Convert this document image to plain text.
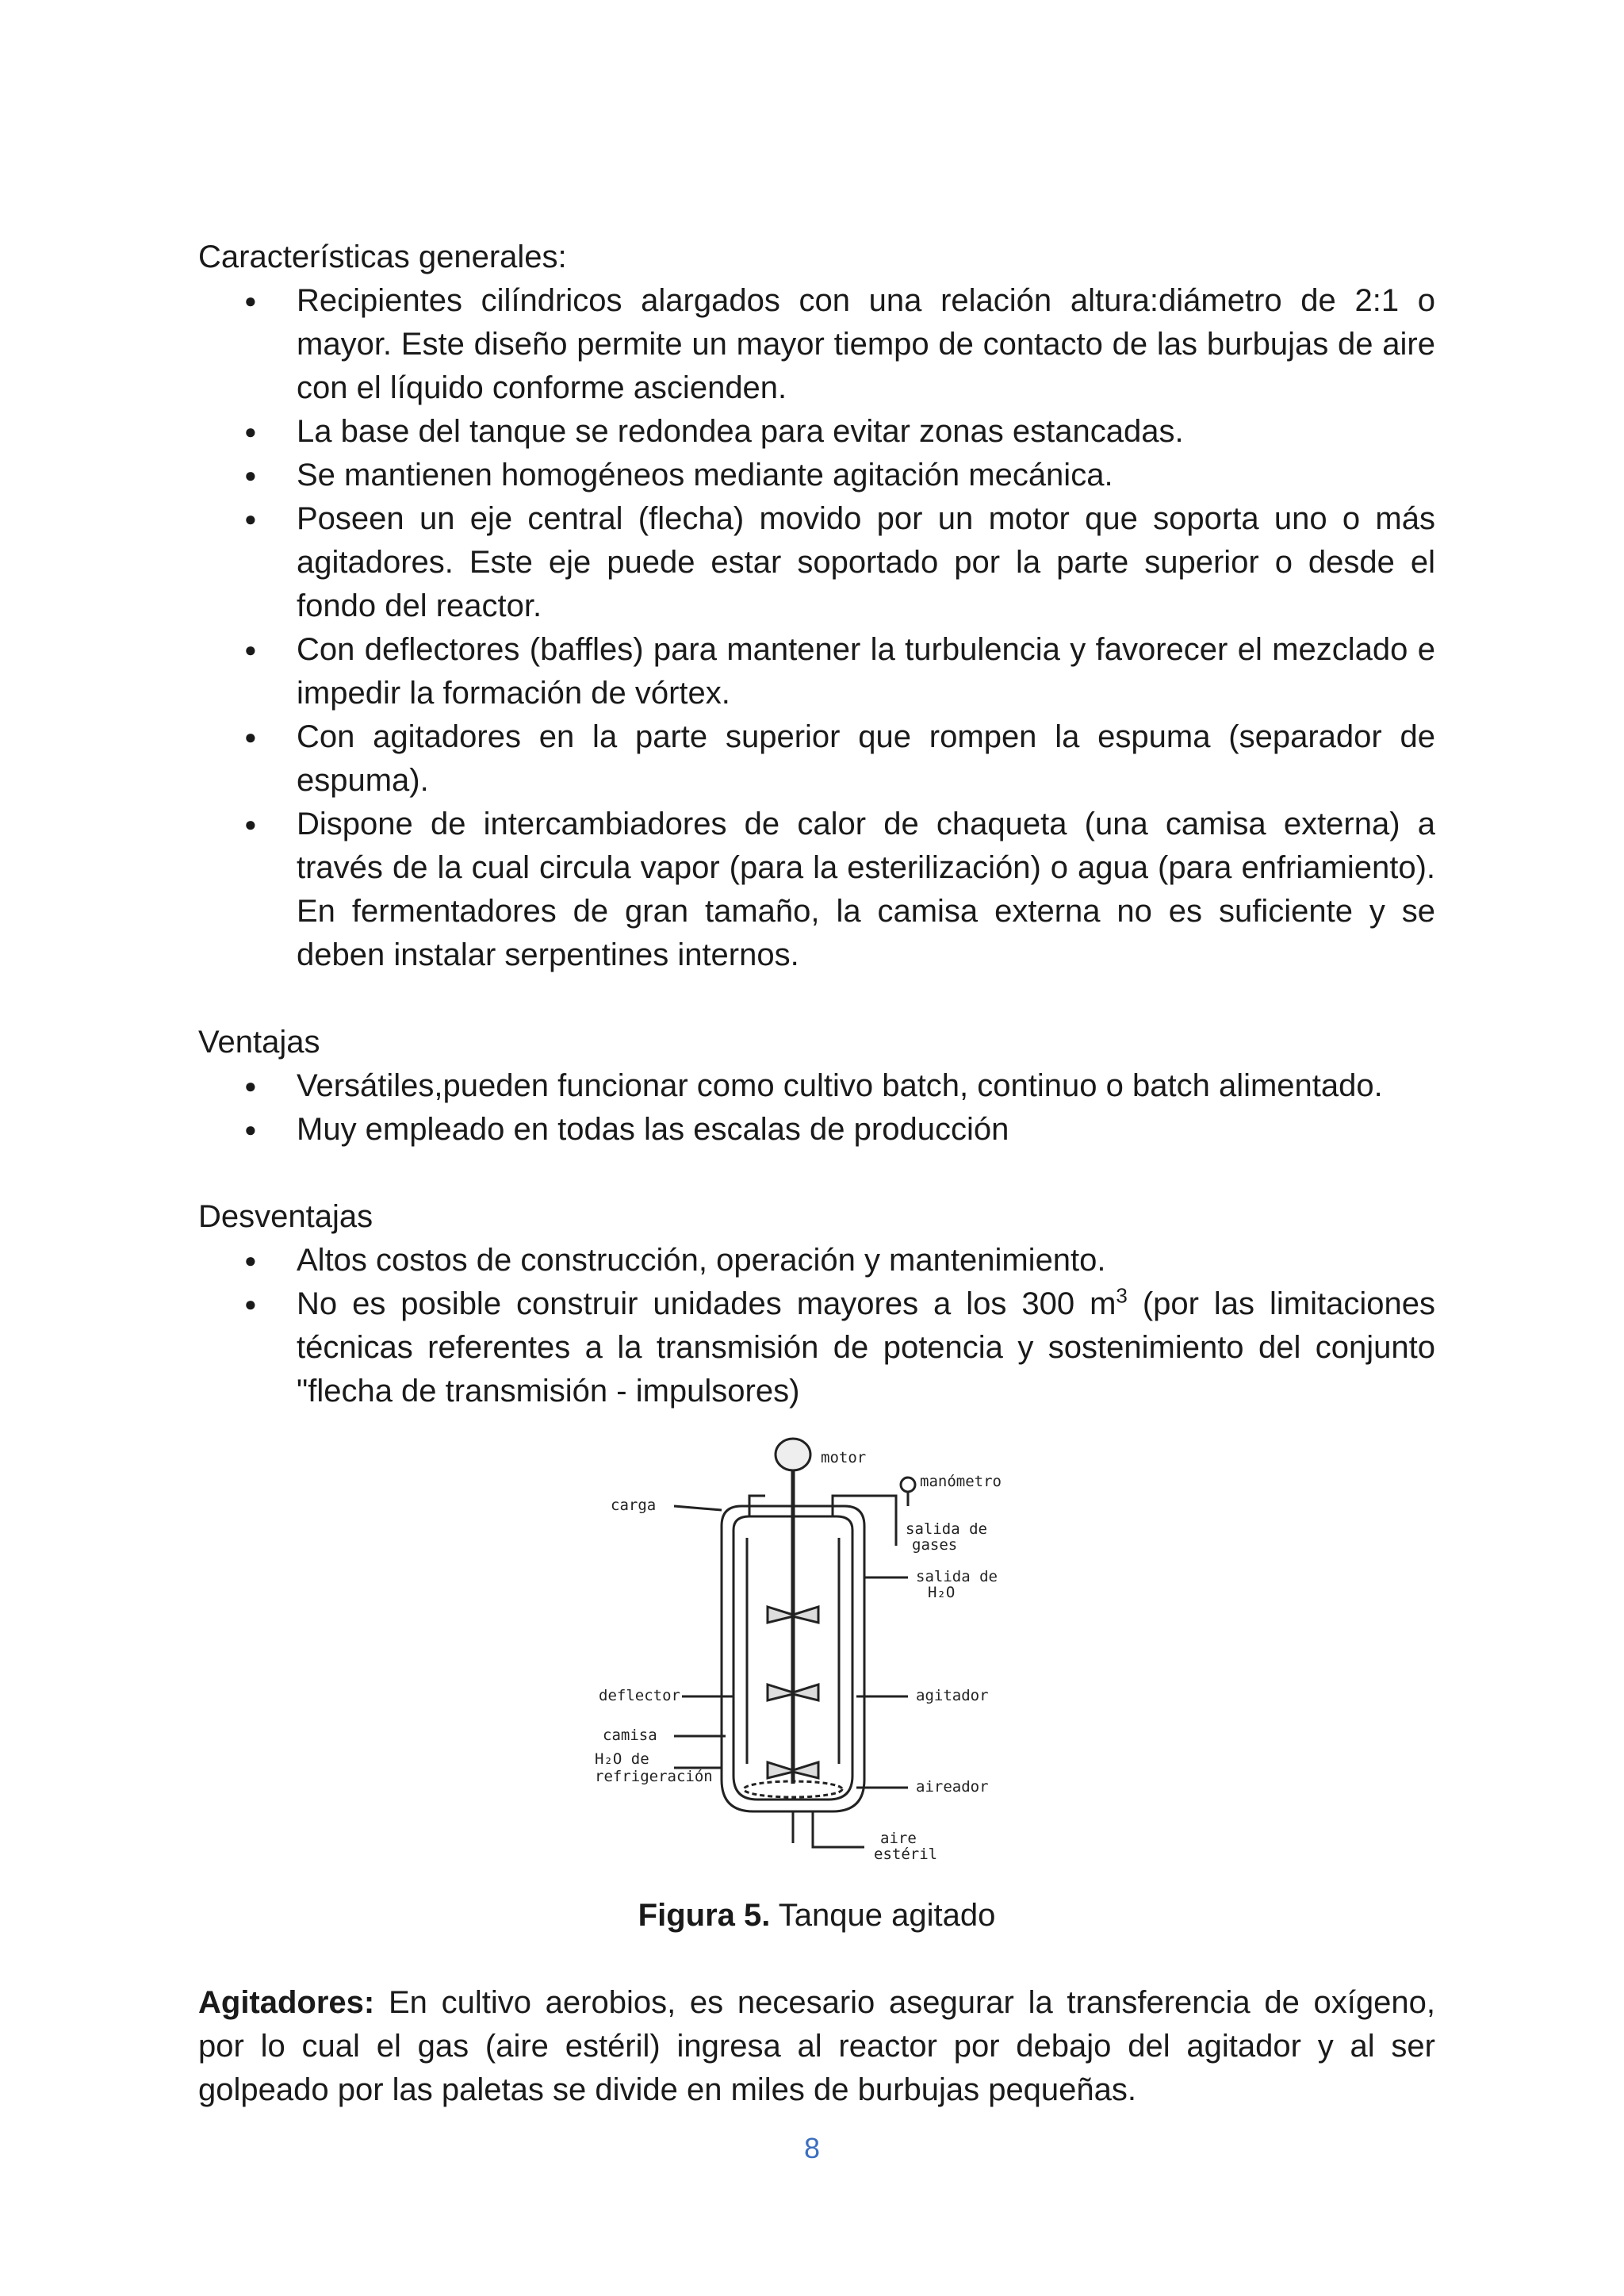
Características generales:

● Recipientes cilíndricos alargados con una relación altura:diámetro de 2:1 o mayor. Este diseño permite un mayor tiempo de contacto de las burbujas de aire con el líquido conforme ascienden.
● La base del tanque se redondea para evitar zonas estancadas.
● Se mantienen homogéneos mediante agitación mecánica.
● Poseen un eje central (flecha) movido por un motor que soporta uno o más agitadores. Este eje puede estar soportado por la parte superior o desde el fondo del reactor.
● Con deflectores (baffles) para mantener la turbulencia y favorecer el mezclado e impedir la formación de vórtex.
● Con agitadores en la parte superior que rompen la espuma (separador de espuma).
● Dispone de intercambiadores de calor de chaqueta (una camisa externa) a través de la cual circula vapor (para la esterilización) o agua (para enfriamiento). En fermentadores de gran tamaño, la camisa externa no es suficiente y se deben instalar serpentines internos.

Ventajas

● Versátiles,pueden funcionar como cultivo batch, continuo o batch alimentado.
● Muy empleado en todas las escalas de producción

Desventajas

● Altos costos de construcción, operación y mantenimiento.
● No es posible construir unidades mayores a los 300 $m^3$ (por las limitaciones técnicas referentes a la transmisión de potencia y sostenimiento del conjunto "flecha de transmisión - impulsores)
motor
manómetro
carga
salida de
gases
salida de
H₂O
deflector	agitador
camisa
H₂O de
refrigeración
aireador
aire
estéril
Figura 5. Tanque agitado

Agitadores: En cultivo aerobios, es necesario asegurar la transferencia de oxígeno, por lo cual el gas (aire estéril) ingresa al reactor por debajo del agitador y al ser golpeado por las paletas se divide en miles de burbujas pequeñas.

8
